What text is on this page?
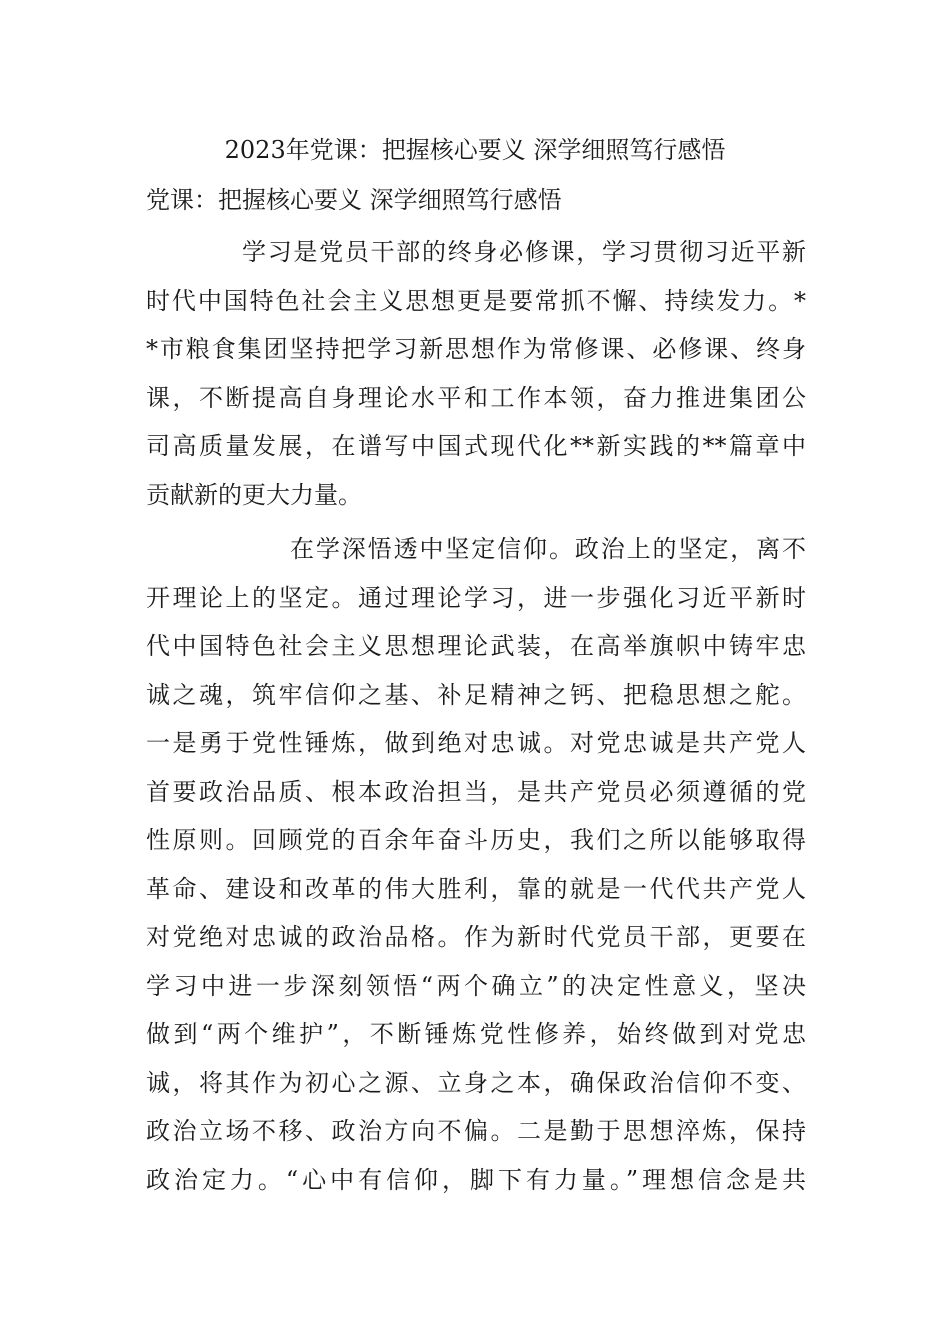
2023年党课：把握核心要义 深学细照笃行感悟
党课：把握核心要义 深学细照笃行感悟
学习是党员干部的终身必修课，学习贯彻习近平新
时代中国特色社会主义思想更是要常抓不懈、持续发力。*
*市粮食集团坚持把学习新思想作为常修课、必修课、终身
课，不断提高自身理论水平和工作本领，奋力推进集团公
司高质量发展，在谱写中国式现代化**新实践的**篇章中
贡献新的更大力量。
在学深悟透中坚定信仰。政治上的坚定，离不
开理论上的坚定。通过理论学习，进一步强化习近平新时
代中国特色社会主义思想理论武装，在高举旗帜中铸牢忠
诚之魂，筑牢信仰之基、补足精神之钙、把稳思想之舵。
一是勇于党性锤炼，做到绝对忠诚。对党忠诚是共产党人
首要政治品质、根本政治担当，是共产党员必须遵循的党
性原则。回顾党的百余年奋斗历史，我们之所以能够取得
革命、建设和改革的伟大胜利，靠的就是一代代共产党人
对党绝对忠诚的政治品格。作为新时代党员干部，更要在
学习中进一步深刻领悟“两个确立”的决定性意义，坚决
做到“两个维护”，不断锤炼党性修养，始终做到对党忠
诚，将其作为初心之源、立身之本，确保政治信仰不变、
政治立场不移、政治方向不偏。二是勤于思想淬炼，保持
政治定力。“心中有信仰，脚下有力量。”理想信念是共
